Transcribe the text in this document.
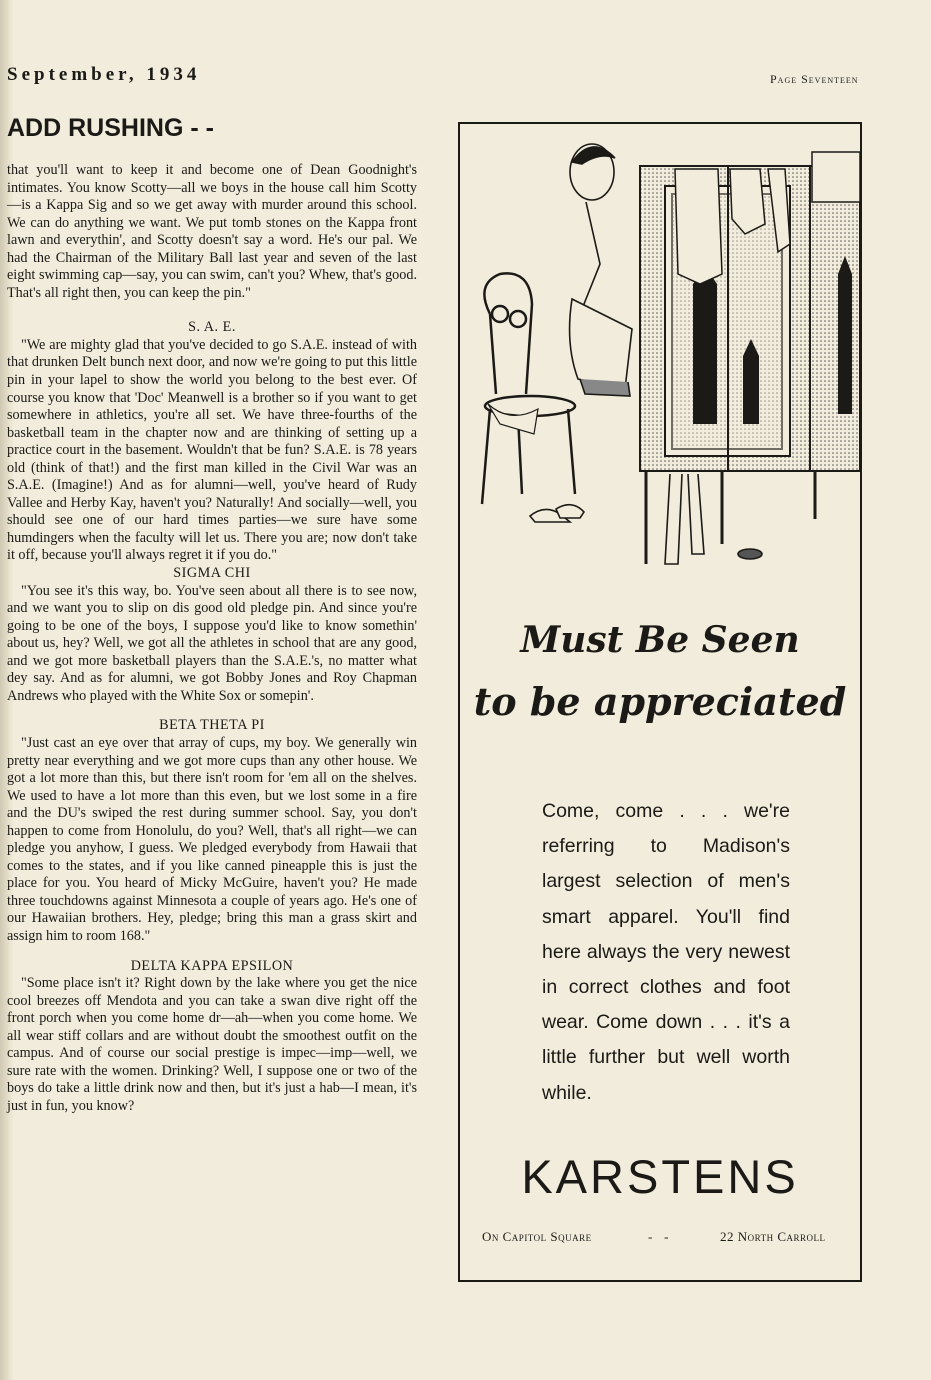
September, 1934	Page Seventeen
ADD RUSHING - -

that you'll want to keep it and become one of Dean Goodnight's intimates. You know Scotty—all we boys in the house call him Scotty—is a Kappa Sig and so we get away with murder around this school. We can do anything we want. We put tomb stones on the Kappa front lawn and everythin', and Scotty doesn't say a word. He's our pal. We had the Chairman of the Military Ball last year and seven of the last eight swimming cap—say, you can swim, can't you? Whew, that's good. That's all right then, you can keep the pin."

S. A. E.

"We are mighty glad that you've decided to go S.A.E. instead of with that drunken Delt bunch next door, and now we're going to put this little pin in your lapel to show the world you belong to the best ever. Of course you know that 'Doc' Meanwell is a brother so if you want to get somewhere in athletics, you're all set. We have three-fourths of the basketball team in the chapter now and are thinking of setting up a practice court in the basement. Wouldn't that be fun? S.A.E. is 78 years old (think of that!) and the first man killed in the Civil War was an S.A.E. (Imagine!) And as for alumni—well, you've heard of Rudy Vallee and Herby Kay, haven't you? Naturally! And socially—well, you should see one of our hard times parties—we sure have some humdingers when the faculty will let us. There you are; now don't take it off, because you'll always regret it if you do."

SIGMA CHI

"You see it's this way, bo. You've seen about all there is to see now, and we want you to slip on dis good old pledge pin. And since you're going to be one of the boys, I suppose you'd like to know somethin' about us, hey? Well, we got all the athletes in school that are any good, and we got more basketball players than the S.A.E.'s, no matter what dey say. And as for alumni, we got Bobby Jones and Roy Chapman Andrews who played with the White Sox or somepin'.

BETA THETA PI

"Just cast an eye over that array of cups, my boy. We generally win pretty near everything and we got more cups than any other house. We got a lot more than this, but there isn't room for 'em all on the shelves. We used to have a lot more than this even, but we lost some in a fire and the DU's swiped the rest during summer school. Say, you don't happen to come from Honolulu, do you? Well, that's all right—we can pledge you anyhow, I guess. We pledged everybody from Hawaii that comes to the states, and if you like canned pineapple this is just the place for you. You heard of Micky McGuire, haven't you? He made three touchdowns against Minnesota a couple of years ago. He's one of our Hawaiian brothers. Hey, pledge; bring this man a grass skirt and assign him to room 168."

DELTA KAPPA EPSILON

"Some place isn't it? Right down by the lake where you get the nice cool breezes off Mendota and you can take a swan dive right off the front porch when you come home dr—ah—when you come home. We all wear stiff collars and are without doubt the smoothest outfit on the campus. And of course our social prestige is impec—imp—well, we sure rate with the women. Drinking? Well, I suppose one or two of the boys do take a little drink now and then, but it's just a hab—I mean, it's just in fun, you know?

Must Be Seen
to be appreciated
Come, come . . . we're referring to Madison's largest selection of men's smart apparel. You'll find here always the very newest in correct clothes and foot wear. Come down . . . it's a little further but well worth while.
KARSTENS
On Capitol Square	-   -	22 North Carroll
